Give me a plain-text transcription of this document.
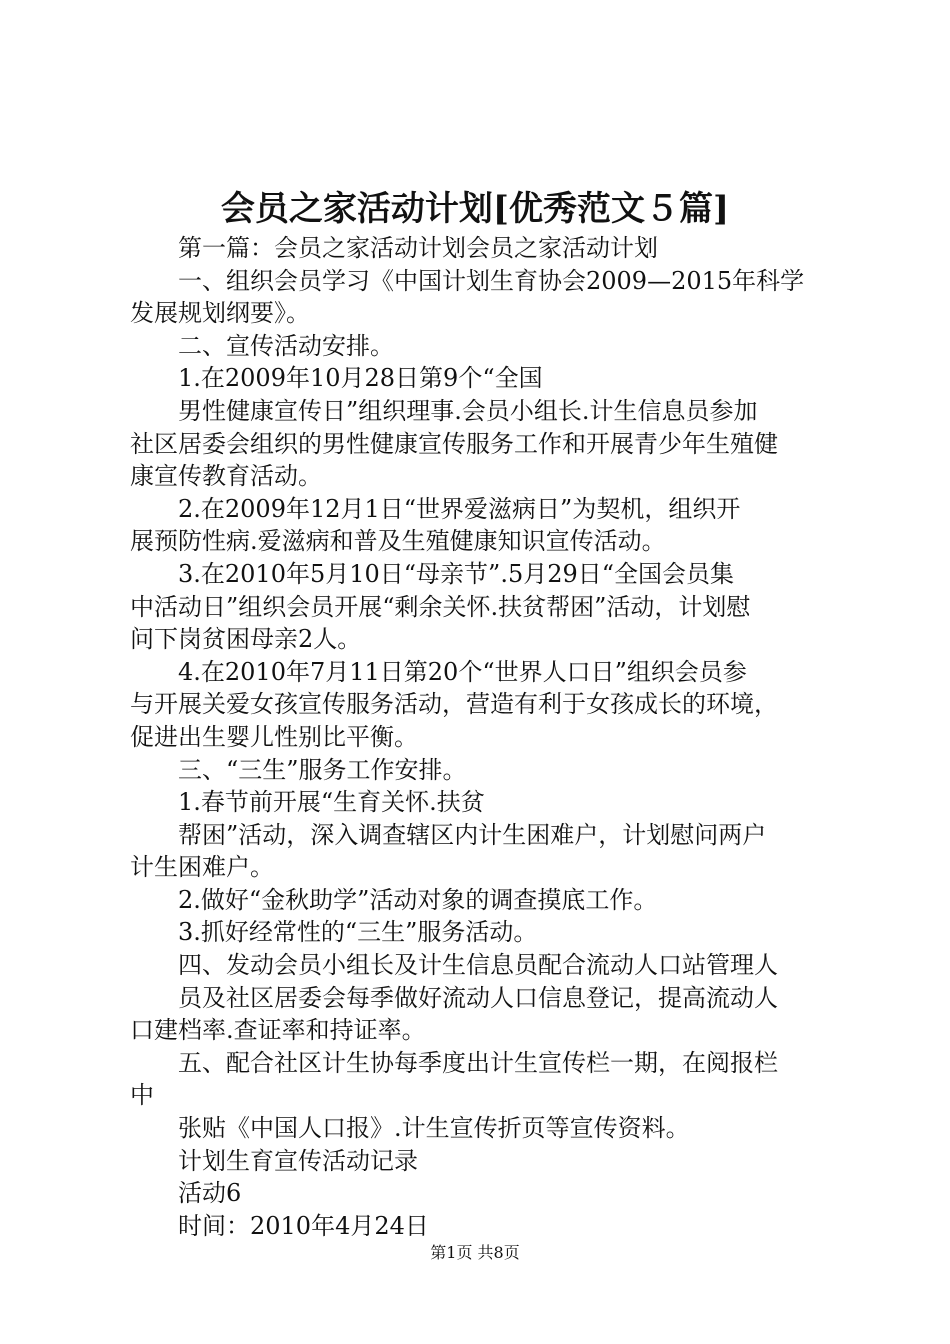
会员之家活动计划[优秀范文５篇]
第一篇：会员之家活动计划会员之家活动计划
一、组织会员学习《中国计划生育协会2009—2015年科学
发展规划纲要》。
二、宣传活动安排。
1.在2009年10月28日第9个“全国
男性健康宣传日”组织理事.会员小组长.计生信息员参加
社区居委会组织的男性健康宣传服务工作和开展青少年生殖健
康宣传教育活动。
2.在2009年12月1日“世界爱滋病日”为契机，组织开
展预防性病.爱滋病和普及生殖健康知识宣传活动。
3.在2010年5月10日“母亲节”.5月29日“全国会员集
中活动日”组织会员开展“剩余关怀.扶贫帮困”活动，计划慰
问下岗贫困母亲2人。
4.在2010年7月11日第20个“世界人口日”组织会员参
与开展关爱女孩宣传服务活动，营造有利于女孩成长的环境，
促进出生婴儿性别比平衡。
三、“三生”服务工作安排。
1.春节前开展“生育关怀.扶贫
帮困”活动，深入调查辖区内计生困难户，计划慰问两户
计生困难户。
2.做好“金秋助学”活动对象的调查摸底工作。
3.抓好经常性的“三生”服务活动。
四、发动会员小组长及计生信息员配合流动人口站管理人
员及社区居委会每季做好流动人口信息登记，提高流动人
口建档率.查证率和持证率。
五、配合社区计生协每季度出计生宣传栏一期，在阅报栏
中
张贴《中国人口报》.计生宣传折页等宣传资料。
计划生育宣传活动记录
活动6
时间：2010年4月24日
第1页 共8页
